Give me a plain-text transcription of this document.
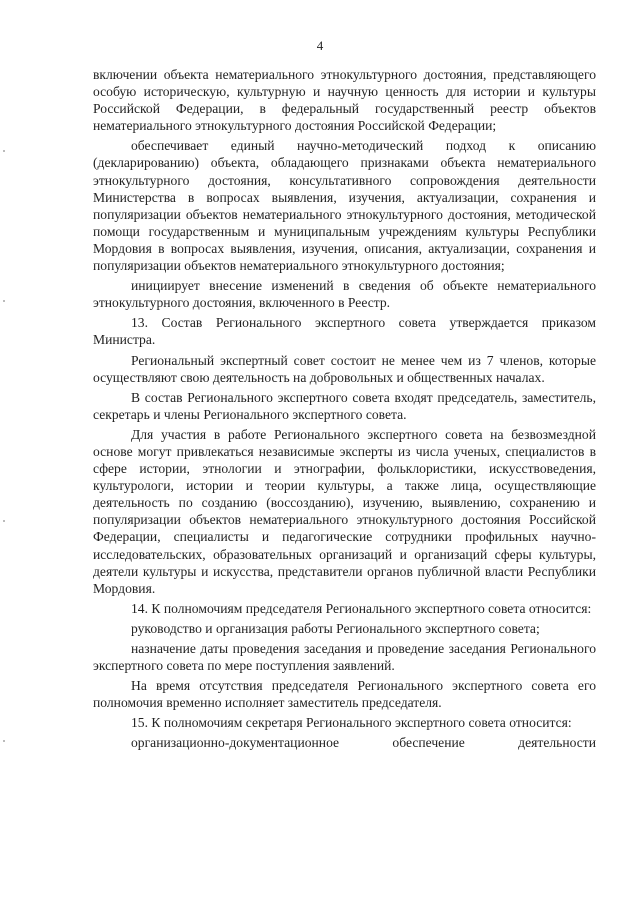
4

включении объекта нематериального этнокультурного достояния, представляющего особую историческую, культурную и научную ценность для истории и культуры Российской Федерации, в федеральный государственный реестр объектов нематериального этнокультурного достояния Российской Федерации;

обеспечивает единый научно-методический подход к описанию (декларированию) объекта, обладающего признаками объекта нематериального этнокультурного достояния, консультативного сопровождения деятельности Министерства в вопросах выявления, изучения, актуализации, сохранения и популяризации объектов нематериального этнокультурного достояния, методической помощи государственным и муниципальным учреждениям культуры Республики Мордовия в вопросах выявления, изучения, описания, актуализации, сохранения и популяризации объектов нематериального этнокультурного достояния;

инициирует внесение изменений в сведения об объекте нематериального этнокультурного достояния, включенного в Реестр.

13. Состав Регионального экспертного совета утверждается приказом Министра.

Региональный экспертный совет состоит не менее чем из 7 членов, которые осуществляют свою деятельность на добровольных и общественных началах.

В состав Регионального экспертного совета входят председатель, заместитель, секретарь и члены Регионального экспертного совета.

Для участия в работе Регионального экспертного совета на безвозмездной основе могут привлекаться независимые эксперты из числа ученых, специалистов в сфере истории, этнологии и этнографии, фольклористики, искусствоведения, культурологи, истории и теории культуры, а также лица, осуществляющие деятельность по созданию (воссозданию), изучению, выявлению, сохранению и популяризации объектов нематериального этнокультурного достояния Российской Федерации, специалисты и педагогические сотрудники профильных научно-исследовательских, образовательных организаций и организаций сферы культуры, деятели культуры и искусства, представители органов публичной власти Республики Мордовия.

14. К полномочиям председателя Регионального экспертного совета относится:

руководство и организация работы Регионального экспертного совета;

назначение даты проведения заседания и проведение заседания Регионального экспертного совета по мере поступления заявлений.

На время отсутствия председателя Регионального экспертного совета его полномочия временно исполняет заместитель председателя.

15. К полномочиям секретаря Регионального экспертного совета относится:

организационно-документационное обеспечение деятельности
